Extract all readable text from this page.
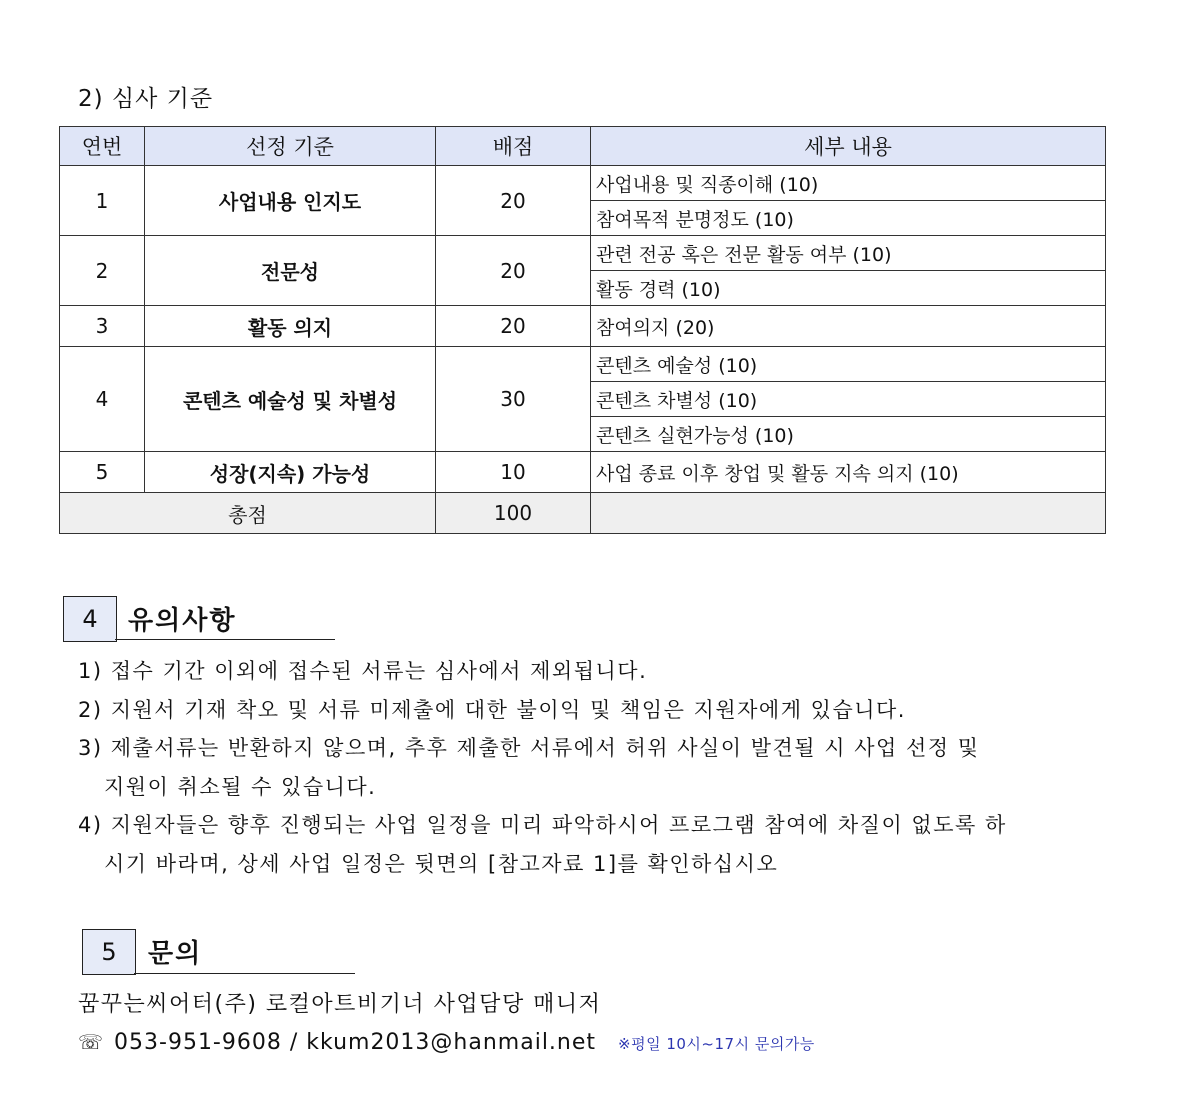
2) 심사 기준
연번	선정 기준	배점	세부 내용
1	사업내용 인지도	20	사업내용 및 직종이해 (10)
			참여목적 분명정도 (10)
2	전문성	20	관련 전공 혹은 전문 활동 여부 (10)
			활동 경력 (10)
3	활동 의지	20	참여의지 (20)
4	콘텐츠 예술성 및 차별성	30	콘텐츠 예술성 (10)
			콘텐츠 차별성 (10)
			콘텐츠 실현가능성 (10)
5	성장(지속) 가능성	10	사업 종료 이후 창업 및 활동 지속 의지 (10)
총점		100	
4	유의사항

1) 접수 기간 이외에 접수된 서류는 심사에서 제외됩니다.

2) 지원서 기재 착오 및 서류 미제출에 대한 불이익 및 책임은 지원자에게 있습니다.

3) 제출서류는 반환하지 않으며, 추후 제출한 서류에서 허위 사실이 발견될 시 사업 선정 및

지원이 취소될 수 있습니다.

4) 지원자들은 향후 진행되는 사업 일정을 미리 파악하시어 프로그램 참여에 차질이 없도록 하

시기 바라며, 상세 사업 일정은 뒷면의 [참고자료 1]를 확인하십시오

5	문의
꿈꾸는씨어터(주) 로컬아트비기너 사업담당 매니저
☏ 053-951-9608 / kkum2013@hanmail.net ※평일 10시~17시 문의가능
